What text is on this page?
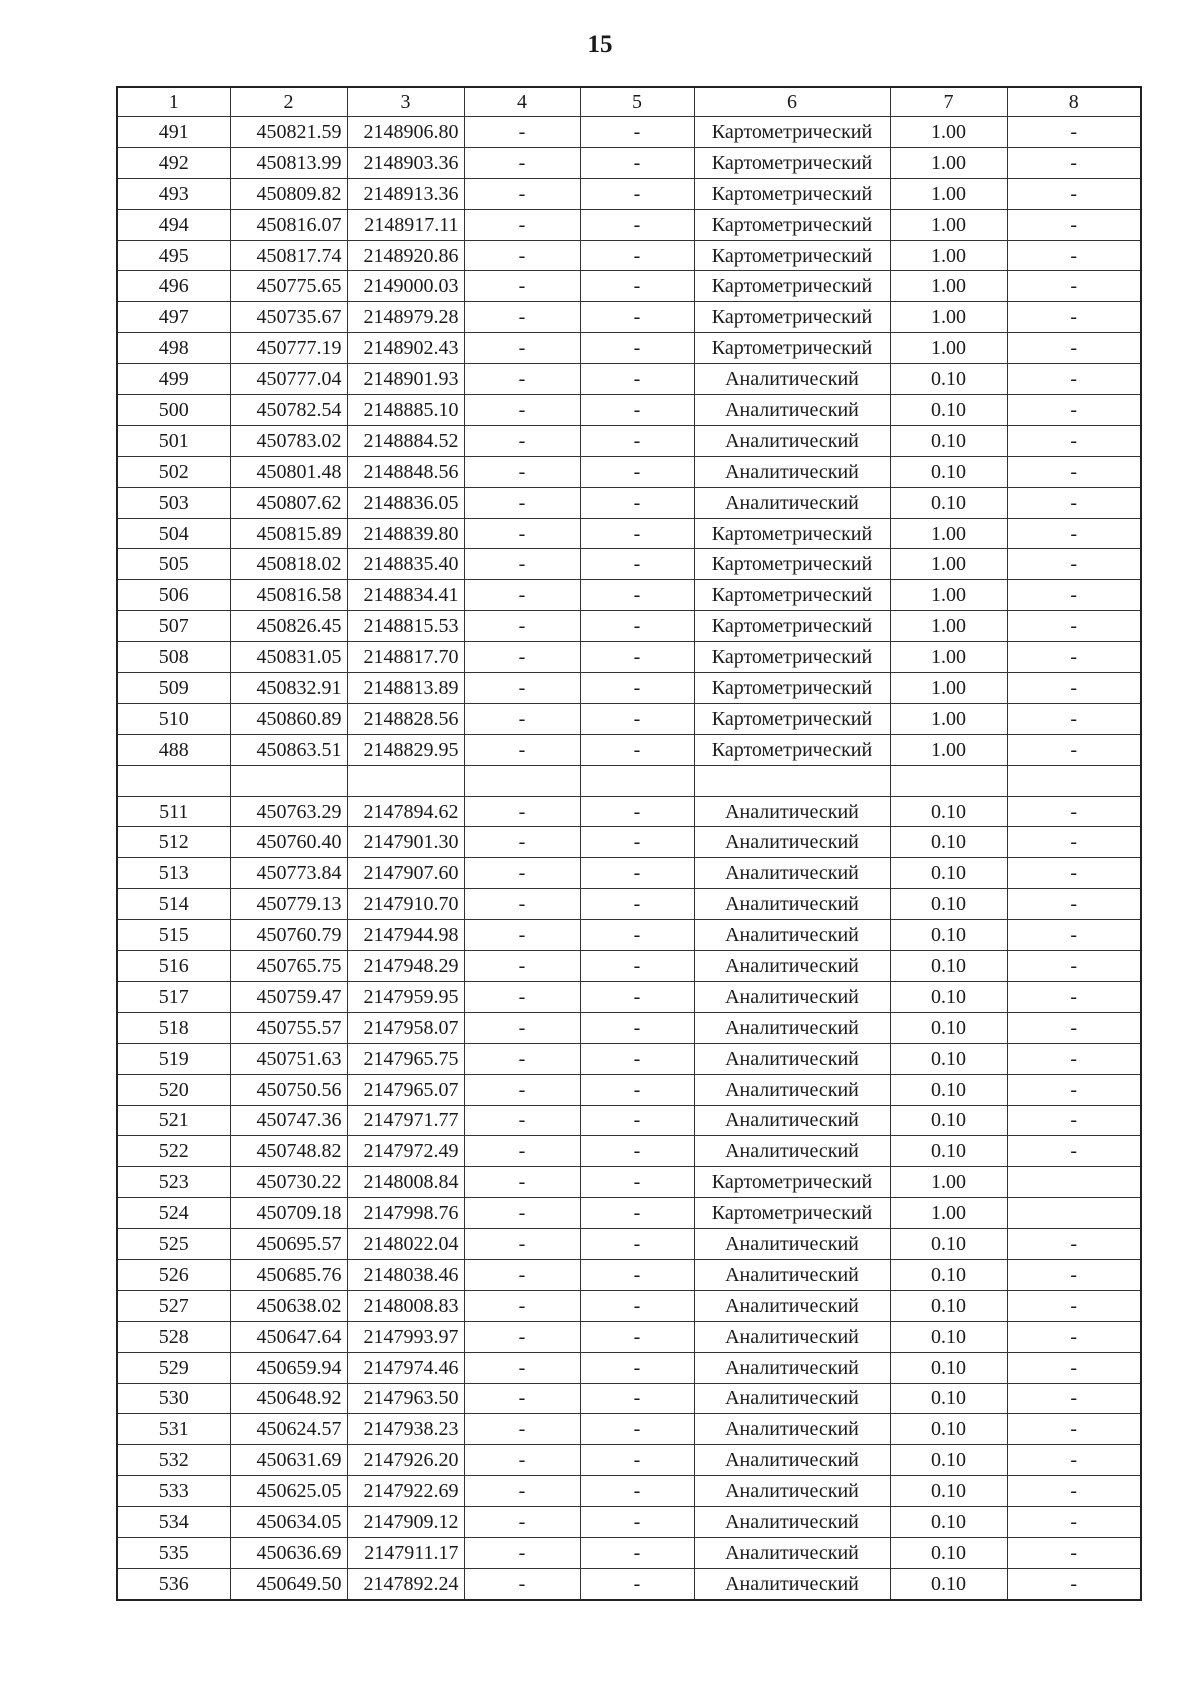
15
1	2	3	4	5	6	7	8
491	450821.59	2148906.80	-	-	Картометрический	1.00	-
492	450813.99	2148903.36	-	-	Картометрический	1.00	-
493	450809.82	2148913.36	-	-	Картометрический	1.00	-
494	450816.07	2148917.11	-	-	Картометрический	1.00	-
495	450817.74	2148920.86	-	-	Картометрический	1.00	-
496	450775.65	2149000.03	-	-	Картометрический	1.00	-
497	450735.67	2148979.28	-	-	Картометрический	1.00	-
498	450777.19	2148902.43	-	-	Картометрический	1.00	-
499	450777.04	2148901.93	-	-	Аналитический	0.10	-
500	450782.54	2148885.10	-	-	Аналитический	0.10	-
501	450783.02	2148884.52	-	-	Аналитический	0.10	-
502	450801.48	2148848.56	-	-	Аналитический	0.10	-
503	450807.62	2148836.05	-	-	Аналитический	0.10	-
504	450815.89	2148839.80	-	-	Картометрический	1.00	-
505	450818.02	2148835.40	-	-	Картометрический	1.00	-
506	450816.58	2148834.41	-	-	Картометрический	1.00	-
507	450826.45	2148815.53	-	-	Картометрический	1.00	-
508	450831.05	2148817.70	-	-	Картометрический	1.00	-
509	450832.91	2148813.89	-	-	Картометрический	1.00	-
510	450860.89	2148828.56	-	-	Картометрический	1.00	-
488	450863.51	2148829.95	-	-	Картометрический	1.00	-

511	450763.29	2147894.62	-	-	Аналитический	0.10	-
512	450760.40	2147901.30	-	-	Аналитический	0.10	-
513	450773.84	2147907.60	-	-	Аналитический	0.10	-
514	450779.13	2147910.70	-	-	Аналитический	0.10	-
515	450760.79	2147944.98	-	-	Аналитический	0.10	-
516	450765.75	2147948.29	-	-	Аналитический	0.10	-
517	450759.47	2147959.95	-	-	Аналитический	0.10	-
518	450755.57	2147958.07	-	-	Аналитический	0.10	-
519	450751.63	2147965.75	-	-	Аналитический	0.10	-
520	450750.56	2147965.07	-	-	Аналитический	0.10	-
521	450747.36	2147971.77	-	-	Аналитический	0.10	-
522	450748.82	2147972.49	-	-	Аналитический	0.10	-
523	450730.22	2148008.84	-	-	Картометрический	1.00	
524	450709.18	2147998.76	-	-	Картометрический	1.00	
525	450695.57	2148022.04	-	-	Аналитический	0.10	-
526	450685.76	2148038.46	-	-	Аналитический	0.10	-
527	450638.02	2148008.83	-	-	Аналитический	0.10	-
528	450647.64	2147993.97	-	-	Аналитический	0.10	-
529	450659.94	2147974.46	-	-	Аналитический	0.10	-
530	450648.92	2147963.50	-	-	Аналитический	0.10	-
531	450624.57	2147938.23	-	-	Аналитический	0.10	-
532	450631.69	2147926.20	-	-	Аналитический	0.10	-
533	450625.05	2147922.69	-	-	Аналитический	0.10	-
534	450634.05	2147909.12	-	-	Аналитический	0.10	-
535	450636.69	2147911.17	-	-	Аналитический	0.10	-
536	450649.50	2147892.24	-	-	Аналитический	0.10	-
